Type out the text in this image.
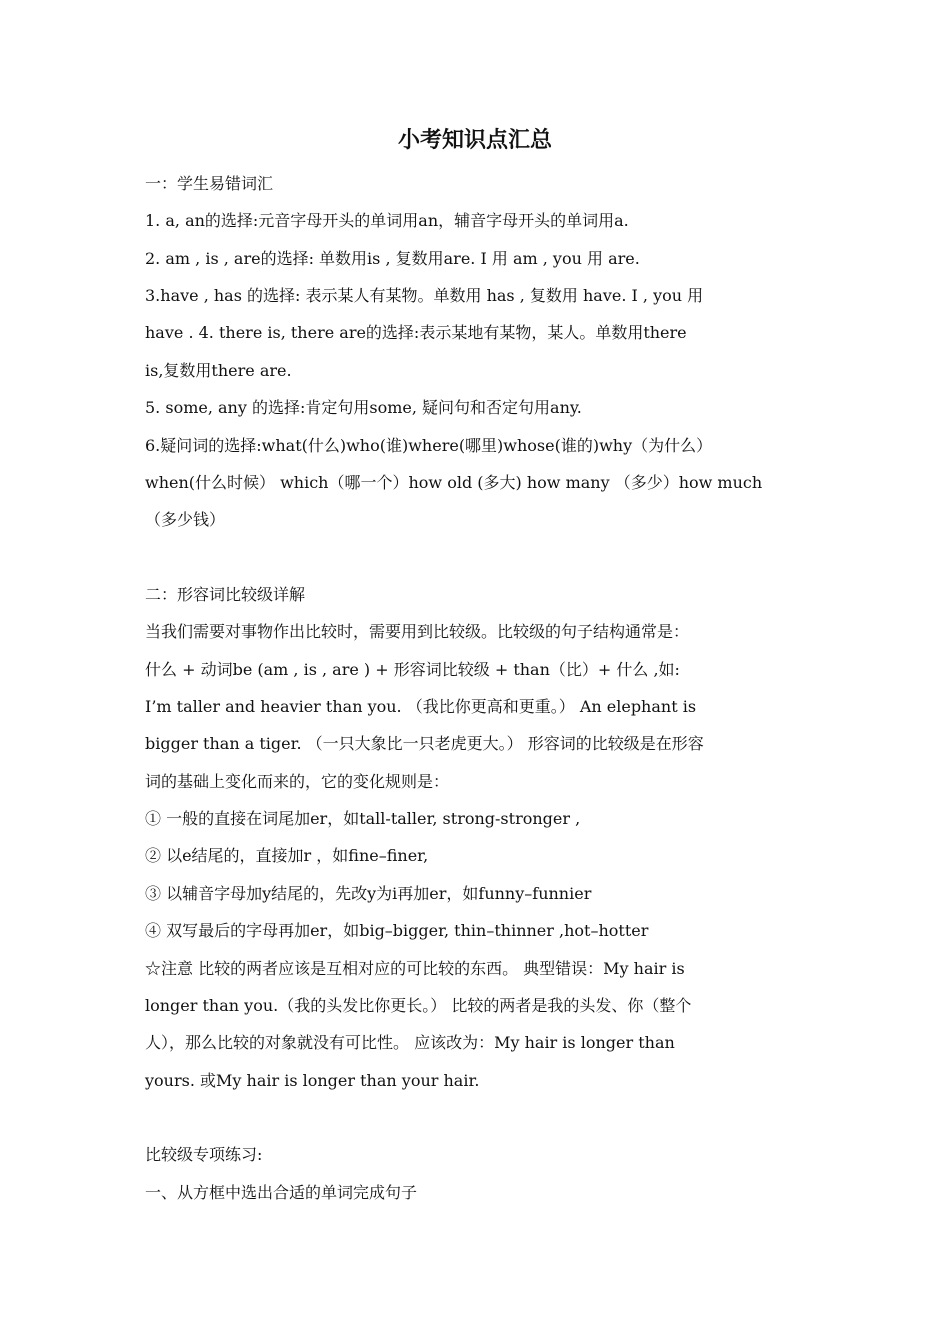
小考知识点汇总
一：学生易错词汇
1. a, an的选择:元音字母开头的单词用an，辅音字母开头的单词用a.
2. am , is , are的选择: 单数用is , 复数用are. I 用 am , you 用 are.
3.have , has 的选择: 表示某人有某物。单数用 has , 复数用 have. I , you 用
have . 4. there is, there are的选择:表示某地有某物，某人。单数用there
is,复数用there are.
5. some, any 的选择:肯定句用some, 疑问句和否定句用any.
6.疑问词的选择:what(什么)who(谁)where(哪里)whose(谁的)why（为什么）
when(什么时候） which（哪一个）how old (多大) how many （多少）how much
（多少钱）
二：形容词比较级详解
当我们需要对事物作出比较时，需要用到比较级。比较级的句子结构通常是：
什么 + 动词be (am , is , are ) + 形容词比较级 + than（比）+ 什么 ,如:
I’m taller and heavier than you. （我比你更高和更重。） An elephant is
bigger than a tiger. （一只大象比一只老虎更大。） 形容词的比较级是在形容
词的基础上变化而来的，它的变化规则是：
① 一般的直接在词尾加er，如tall-taller, strong-stronger ,
② 以e结尾的，直接加r ，如fine–finer,
③ 以辅音字母加y结尾的，先改y为i再加er，如funny–funnier
④ 双写最后的字母再加er，如big–bigger, thin–thinner ,hot–hotter
☆注意 比较的两者应该是互相对应的可比较的东西。 典型错误：My hair is
longer than you.（我的头发比你更长。） 比较的两者是我的头发、你（整个
人），那么比较的对象就没有可比性。 应该改为：My hair is longer than
yours. 或My hair is longer than your hair.
比较级专项练习:
一、从方框中选出合适的单词完成句子
